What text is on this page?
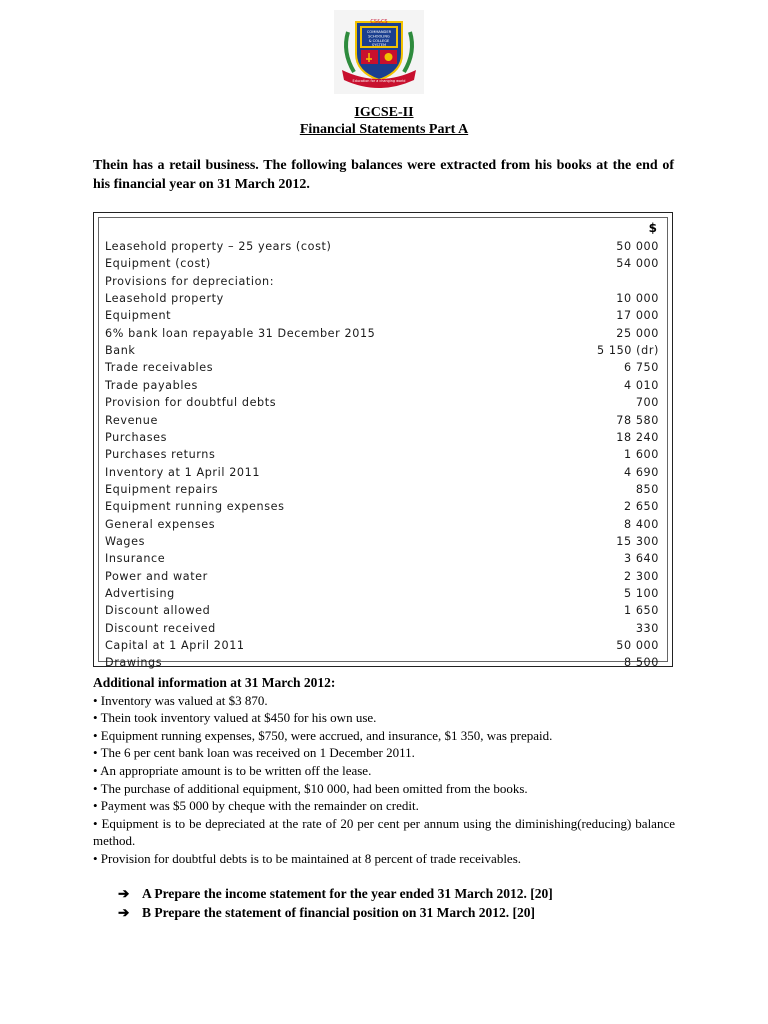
CS&CS
COMMANDER
SCHOOLING
& COLLEGE
SYSTEM
Education for a changing world
IGCSE-II
Financial Statements Part A
Thein has a retail business. The following balances were extracted from his books at the end of his financial year on 31 March 2012.
$
Leasehold property – 25 years (cost)	50 000
Equipment (cost)	54 000
Provisions for depreciation:
Leasehold property	10 000
Equipment	17 000
6% bank loan repayable 31 December 2015	25 000
Bank	5 150 (dr)
Trade receivables	6 750
Trade payables	4 010
Provision for doubtful debts	700
Revenue	78 580
Purchases	18 240
Purchases returns	1 600
Inventory at 1 April 2011	4 690
Equipment repairs	850
Equipment running expenses	2 650
General expenses	8 400
Wages	15 300
Insurance	3 640
Power and water	2 300
Advertising	5 100
Discount allowed	1 650
Discount received	330
Capital at 1 April 2011	50 000
Drawings	8 500
Additional information at 31 March 2012:
• Inventory was valued at $3 870.
• Thein took inventory valued at $450 for his own use.
• Equipment running expenses, $750, were accrued, and insurance, $1 350, was prepaid.
• The 6 per cent bank loan was received on 1 December 2011.
• An appropriate amount is to be written off the lease.
• The purchase of additional equipment, $10 000, had been omitted from the books.
• Payment was $5 000 by cheque with the remainder on credit.
• Equipment is to be depreciated at the rate of 20 per cent per annum using the diminishing(reducing) balance method.
• Provision for doubtful debts is to be maintained at 8 percent of trade receivables.
➔ A Prepare the income statement for the year ended 31 March 2012. [20]
➔ B Prepare the statement of financial position on 31 March 2012. [20]
